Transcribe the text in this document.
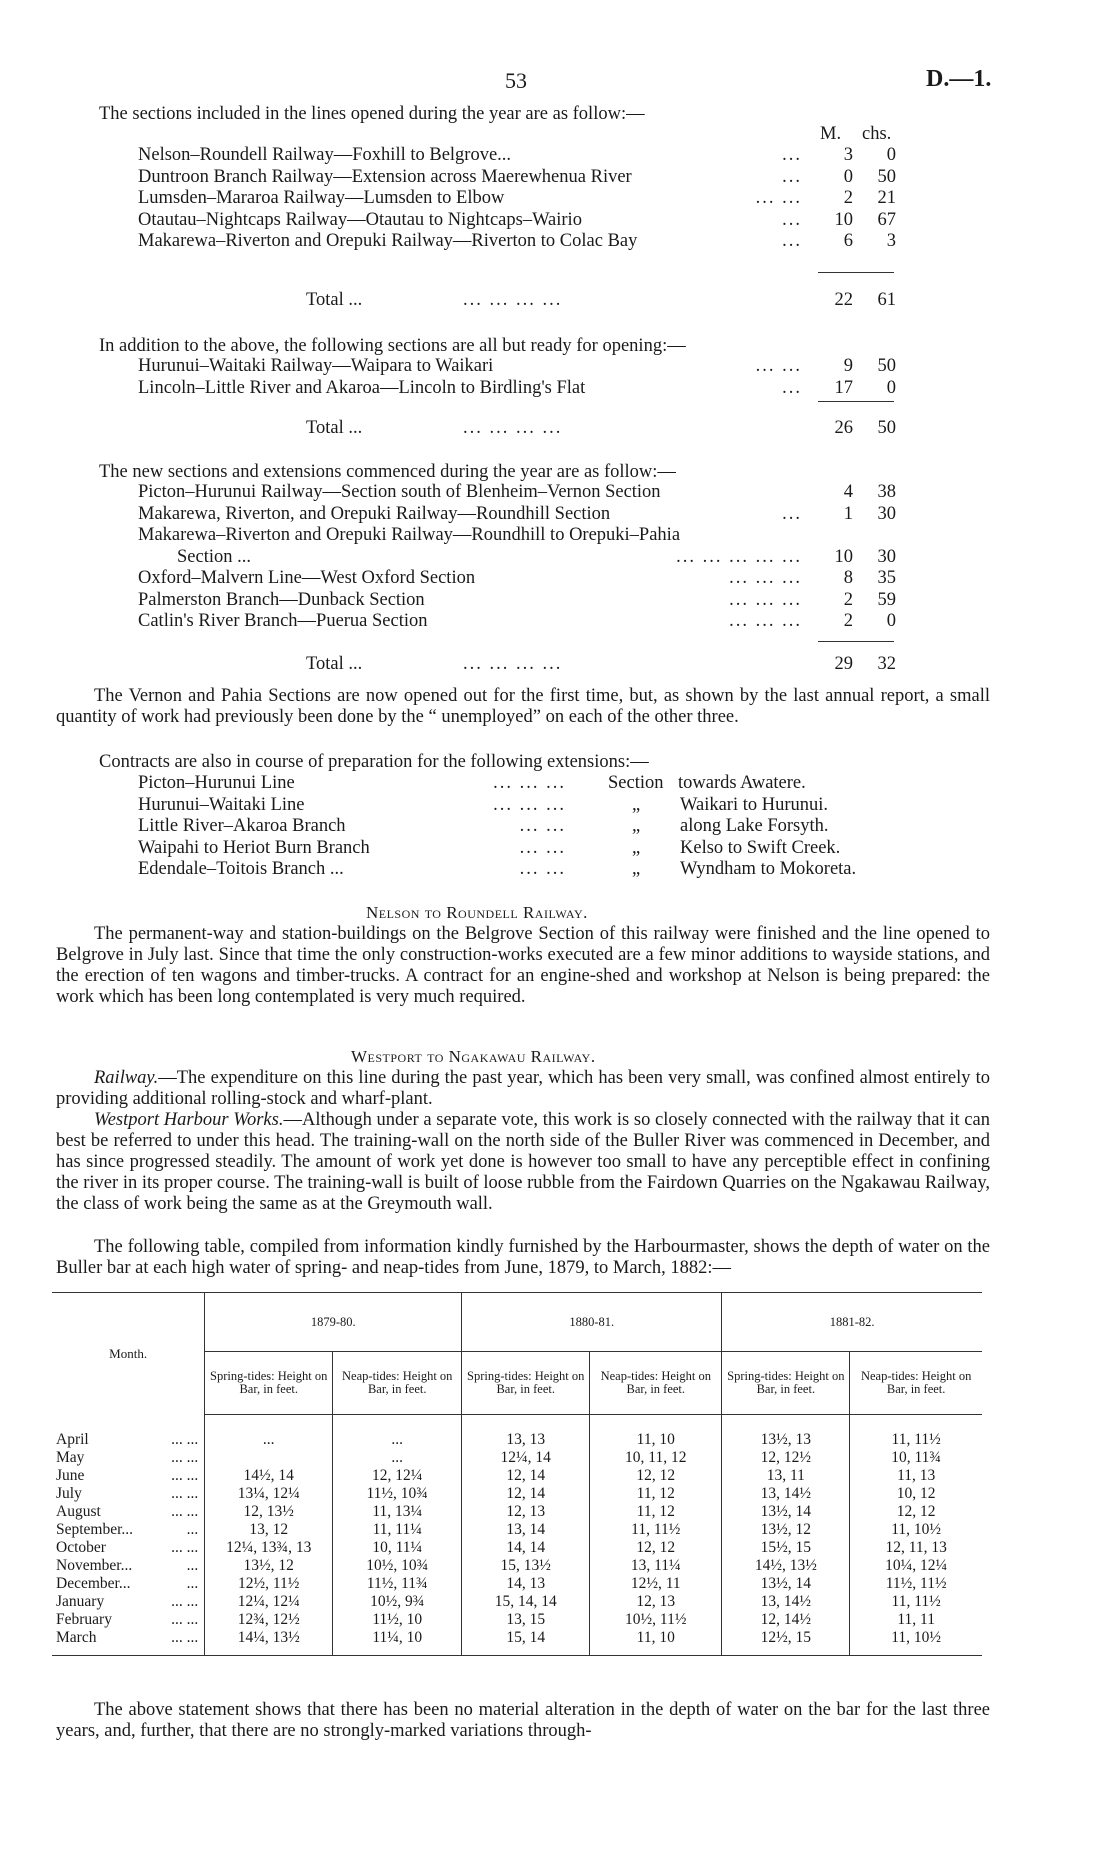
53	D.—1.
The sections included in the lines opened during the year are as follow:—
M. chs.
Nelson–Roundell Railway—Foxhill to Belgrove...	...	3	0
Duntroon Branch Railway—Extension across Maerewhenua River	...	0	50
Lumsden–Mararoa Railway—Lumsden to Elbow	... ...	2	21
Otautau–Nightcaps Railway—Otautau to Nightcaps–Wairio	...	10	67
Makarewa–Riverton and Orepuki Railway—Riverton to Colac Bay	...	6	3
Total ...	... ... ... ...	22	61
In addition to the above, the following sections are all but ready for opening:—
Hurunui–Waitaki Railway—Waipara to Waikari	... ...	9	50
Lincoln–Little River and Akaroa—Lincoln to Birdling's Flat	...	17	0
Total ...	... ... ... ...	26	50
The new sections and extensions commenced during the year are as follow:—
Picton–Hurunui Railway—Section south of Blenheim–Vernon Section	4	38
Makarewa, Riverton, and Orepuki Railway—Roundhill Section	...	1	30
Makarewa–Riverton and Orepuki Railway—Roundhill to Orepuki–Pahia
Section ...	... ... ... ... ...	10	30
Oxford–Malvern Line—West Oxford Section	... ... ...	8	35
Palmerston Branch—Dunback Section	... ... ...	2	59
Catlin's River Branch—Puerua Section	... ... ...	2	0
Total ...	... ... ... ...	29	32
The Vernon and Pahia Sections are now opened out for the first time, but, as shown by the last annual report, a small quantity of work had previously been done by the “ unemployed” on each of the other three.
Contracts are also in course of preparation for the following extensions:—
Picton–Hurunui Line	... ... ... Section towards Awatere.
Hurunui–Waitaki Line	... ... ...	„ Waikari to Hurunui.
Little River–Akaroa Branch	... ...	„ along Lake Forsyth.
Waipahi to Heriot Burn Branch	... ...	„ Kelso to Swift Creek.
Edendale–Toitois Branch ...	... ...	„ Wyndham to Mokoreta.
Nelson to Roundell Railway.
The permanent-way and station-buildings on the Belgrove Section of this railway were finished and the line opened to Belgrove in July last. Since that time the only construction-works executed are a few minor additions to wayside stations, and the erection of ten wagons and timber-trucks. A contract for an engine-shed and workshop at Nelson is being prepared: the work which has been long contemplated is very much required.
Westport to Ngakawau Railway.
Railway.—The expenditure on this line during the past year, which has been very small, was confined almost entirely to providing additional rolling-stock and wharf-plant.
Westport Harbour Works.—Although under a separate vote, this work is so closely connected with the railway that it can best be referred to under this head. The training-wall on the north side of the Buller River was commenced in December, and has since progressed steadily. The amount of work yet done is however too small to have any perceptible effect in confining the river in its proper course. The training-wall is built of loose rubble from the Fairdown Quarries on the Ngakawau Railway, the class of work being the same as at the Greymouth wall.
The following table, compiled from information kindly furnished by the Harbourmaster, shows the depth of water on the Buller bar at each high water of spring- and neap-tides from June, 1879, to March, 1882:—
Month.		1879-80.		1880-81.		1881-82.	
		Spring-tides: Height on Bar, in feet.	Neap-tides: Height on Bar, in feet.	Spring-tides: Height on Bar, in feet.	Neap-tides: Height on Bar, in feet.	Spring-tides: Height on Bar, in feet.	Neap-tides: Height on Bar, in feet.
April	... ...	...	...	13, 13	11, 10	13½, 13	11, 11½
May	... ...		...	12¼, 14	10, 11, 12	12, 12½	10, 11¾
June	... ...	14½, 14	12, 12¼	12, 14	12, 12	13, 11	11, 13
July	... ...	13¼, 12¼	11½, 10¾	12, 14	11, 12	13, 14½	10, 12
August	... ...	12, 13½	11, 13¼	12, 13	11, 12	13½, 14	12, 12
September...	...	13, 12	11, 11¼	13, 14	11, 11½	13½, 12	11, 10½
October	... ...	12¼, 13¾, 13	10, 11¼	14, 14	12, 12	15½, 15	12, 11, 13
November...	...	13½, 12	10½, 10¾	15, 13½	13, 11¼	14½, 13½	10¼, 12¼
December...	...	12½, 11½	11½, 11¾	14, 13	12½, 11	13½, 14	11½, 11½
January	... ...	12¼, 12¼	10½, 9¾	15, 14, 14	12, 13	13, 14½	11, 11½
February	... ...	12¾, 12½	11½, 10	13, 15	10½, 11½	12, 14½	11, 11
March	... ...	14¼, 13½	11¼, 10	15, 14	11, 10	12½, 15	11, 10½
The above statement shows that there has been no material alteration in the depth of water on the bar for the last three years, and, further, that there are no strongly-marked variations through-
